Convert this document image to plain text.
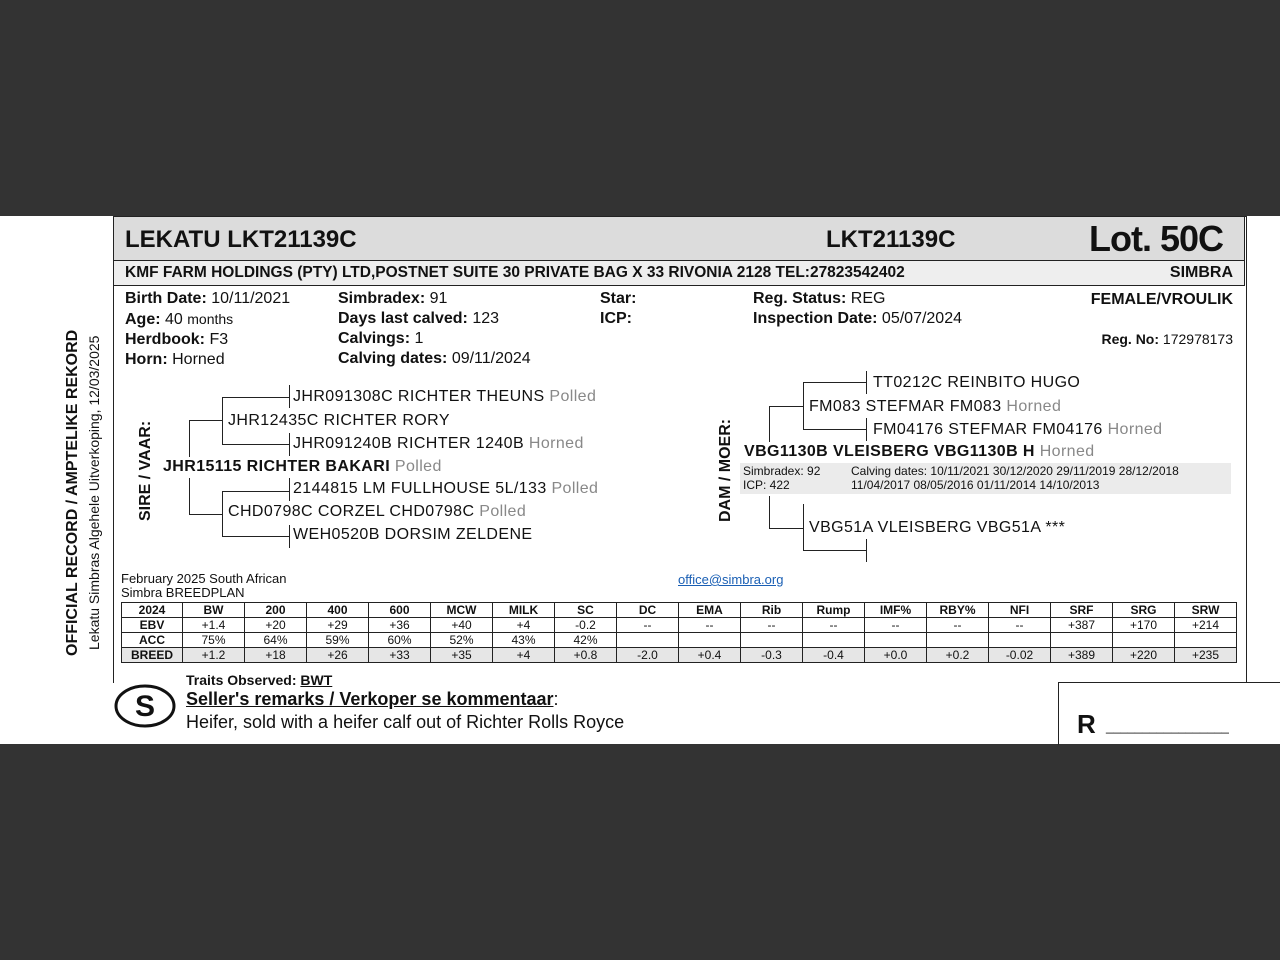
OFFICIAL RECORD / AMPTELIKE REKORD Lekatu Simbras Algehele Uitverkoping, 12/03/2025
LEKATU LKT21139C	LKT21139C	Lot. 50C
KMF FARM HOLDINGS (PTY) LTD,POSTNET SUITE 30 PRIVATE BAG X 33 RIVONIA 2128 TEL:27823542402	SIMBRA
Birth Date: 10/11/2021
Age: 40 months
Herdbook: F3
Horn: Horned
Simbradex: 91
Days last calved: 123
Calvings: 1
Calving dates: 09/11/2024
Star:
ICP:
Reg. Status: REG
Inspection Date: 05/07/2024
FEMALE/VROULIK
Reg. No: 172978173
SIRE / VAAR:
JHR091308C RICHTER THEUNS Polled
JHR12435C RICHTER RORY
JHR091240B RICHTER 1240B Horned
JHR15115 RICHTER BAKARI Polled
2144815 LM FULLHOUSE 5L/133 Polled
CHD0798C CORZEL CHD0798C Polled
WEH0520B DORSIM ZELDENE
DAM / MOER:
TT0212C REINBITO HUGO
FM083 STEFMAR FM083 Horned
FM04176 STEFMAR FM04176 Horned
VBG1130B VLEISBERG VBG1130B H Horned
Simbradex: 92
ICP: 422
Calving dates: 10/11/2021 30/12/2020 29/11/2019 28/12/2018
11/04/2017 08/05/2016 01/11/2014 14/10/2013
VBG51A VLEISBERG VBG51A ***
February 2025 South African
Simbra BREEDPLAN
office@simbra.org
2024	BW	200	400	600	MCW	MILK	SC	DC	EMA	Rib	Rump	IMF%	RBY%	NFI	SRF	SRG	SRW
EBV	+1.4	+20	+29	+36	+40	+4	-0.2	--	--	--	--	--	--	--	+387	+170	+214
ACC	75%	64%	59%	60%	52%	43%	42%										
BREED	+1.2	+18	+26	+33	+35	+4	+0.8	-2.0	+0.4	-0.3	-0.4	+0.0	+0.2	-0.02	+389	+220	+235
S
Traits Observed: BWT
Seller's remarks / Verkoper se kommentaar:
Heifer, sold with a heifer calf out of Richter Rolls Royce	R _________________
